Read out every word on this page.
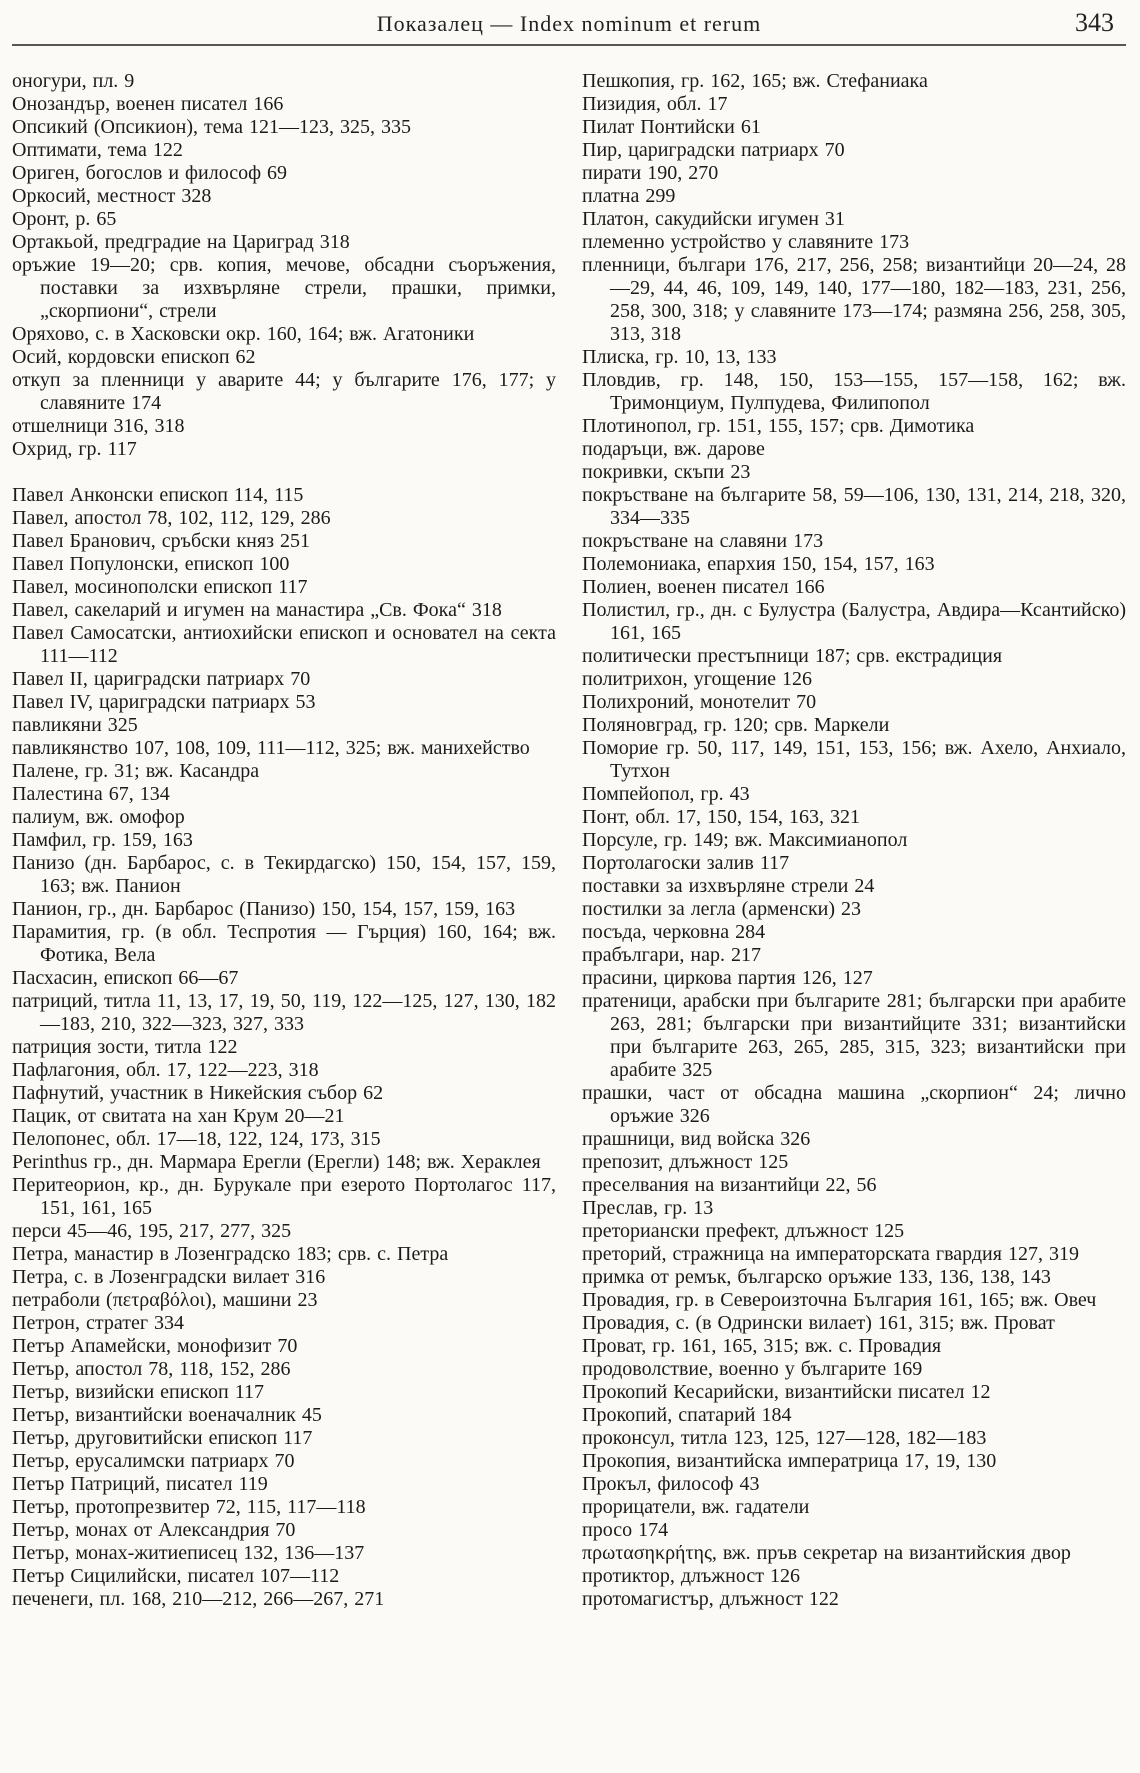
Показалец — Index nominum et rerum	343

оногури, пл. 9

Онозандър, военен писател 166

Опсикий (Опсикион), тема 121—123, 325, 335

Оптимати, тема 122

Ориген, богослов и философ 69

Оркосий, местност 328

Оронт, р. 65

Ортакьой, предградие на Цариград 318

оръжие 19—20; срв. копия, мечове, обсадни съоръжения, поставки за изхвърляне стрели, прашки, примки, „скорпиони“, стрели

Оряхово, с. в Хасковски окр. 160, 164; вж. Агатоники

Осий, кордовски епископ 62

откуп за пленници у аварите 44; у българите 176, 177; у славяните 174

отшелници 316, 318

Охрид, гр. 117

Павел Анконски епископ 114, 115

Павел, апостол 78, 102, 112, 129, 286

Павел Бранович, сръбски княз 251

Павел Популонски, епископ 100

Павел, мосинополски епископ 117

Павел, сакеларий и игумен на манастира „Св. Фока“ 318

Павел Самосатски, антиохийски епископ и основател на секта 111—112

Павел II, цариградски патриарх 70

Павел IV, цариградски патриарх 53

павликяни 325

павликянство 107, 108, 109, 111—112, 325; вж. манихейство

Палене, гр. 31; вж. Касандра

Палестина 67, 134

палиум, вж. омофор

Памфил, гр. 159, 163

Панизо (дн. Барбарос, с. в Текирдагско) 150, 154, 157, 159, 163; вж. Панион

Панион, гр., дн. Барбарос (Панизо) 150, 154, 157, 159, 163

Парамития, гр. (в обл. Теспротия — Гърция) 160, 164; вж. Фотика, Вела

Пасхасин, епископ 66—67

патриций, титла 11, 13, 17, 19, 50, 119, 122—125, 127, 130, 182—183, 210, 322—323, 327, 333

патриция зости, титла 122

Пафлагония, обл. 17, 122—223, 318

Пафнутий, участник в Никейския събор 62

Пацик, от свитата на хан Крум 20—21

Пелопонес, обл. 17—18, 122, 124, 173, 315

Perinthus гр., дн. Мармара Ерегли (Ерегли) 148; вж. Хераклея

Перитеорион, кр., дн. Бурукале при езерото Портолагос 117, 151, 161, 165

перси 45—46, 195, 217, 277, 325

Петра, манастир в Лозенградско 183; срв. с. Петра

Петра, с. в Лозенградски вилает 316

петраболи (πετραβόλοι), машини 23

Петрон, стратег 334

Петър Апамейски, монофизит 70

Петър, апостол 78, 118, 152, 286

Петър, визийски епископ 117

Петър, византийски военачалник 45

Петър, друговитийски епископ 117

Петър, ерусалимски патриарх 70

Петър Патриций, писател 119

Петър, протопрезвитер 72, 115, 117—118

Петър, монах от Александрия 70

Петър, монах-житиеписец 132, 136—137

Петър Сицилийски, писател 107—112

печенеги, пл. 168, 210—212, 266—267, 271

Пешкопия, гр. 162, 165; вж. Стефаниака

Пизидия, обл. 17

Пилат Понтийски 61

Пир, цариградски патриарх 70

пирати 190, 270

платна 299

Платон, сакудийски игумен 31

племенно устройство у славяните 173

пленници, българи 176, 217, 256, 258; византийци 20—24, 28—29, 44, 46, 109, 149, 140, 177—180, 182—183, 231, 256, 258, 300, 318; у славяните 173—174; размяна 256, 258, 305, 313, 318

Плиска, гр. 10, 13, 133

Пловдив, гр. 148, 150, 153—155, 157—158, 162; вж. Тримонциум, Пулпудева, Филипопол

Плотинопол, гр. 151, 155, 157; срв. Димотика

подаръци, вж. дарове

покривки, скъпи 23

покръстване на българите 58, 59—106, 130, 131, 214, 218, 320, 334—335

покръстване на славяни 173

Полемониака, епархия 150, 154, 157, 163

Полиен, военен писател 166

Полистил, гр., дн. с Булустра (Балустра, Авдира—Ксантийско) 161, 165

политически престъпници 187; срв. екстрадиция

политрихон, угощение 126

Полихроний, монотелит 70

Поляновград, гр. 120; срв. Маркели

Поморие гр. 50, 117, 149, 151, 153, 156; вж. Ахело, Анхиало, Тутхон

Помпейопол, гр. 43

Понт, обл. 17, 150, 154, 163, 321

Порсуле, гр. 149; вж. Максимианопол

Портолагоски залив 117

поставки за изхвърляне стрели 24

постилки за легла (арменски) 23

посъда, черковна 284

прабългари, нар. 217

прасини, циркова партия 126, 127

пратеници, арабски при българите 281; български при арабите 263, 281; български при византийците 331; византийски при българите 263, 265, 285, 315, 323; византийски при арабите 325

прашки, част от обсадна машина „скорпион“ 24; лично оръжие 326

прашници, вид войска 326

препозит, длъжност 125

преселвания на византийци 22, 56

Преслав, гр. 13

преториански префект, длъжност 125

преторий, стражница на императорската гвардия 127, 319

примка от ремък, българско оръжие 133, 136, 138, 143

Провадия, гр. в Североизточна България 161, 165; вж. Овеч

Провадия, с. (в Одрински вилает) 161, 315; вж. Проват

Проват, гр. 161, 165, 315; вж. с. Провадия

продоволствие, военно у българите 169

Прокопий Кесарийски, византийски писател 12

Прокопий, спатарий 184

проконсул, титла 123, 125, 127—128, 182—183

Прокопия, византийска императрица 17, 19, 130

Прокъл, философ 43

прорицатели, вж. гадатели

просо 174

πρωτασηκρήτης, вж. пръв секретар на византийския двор

протиктор, длъжност 126

протомагистър, длъжност 122
